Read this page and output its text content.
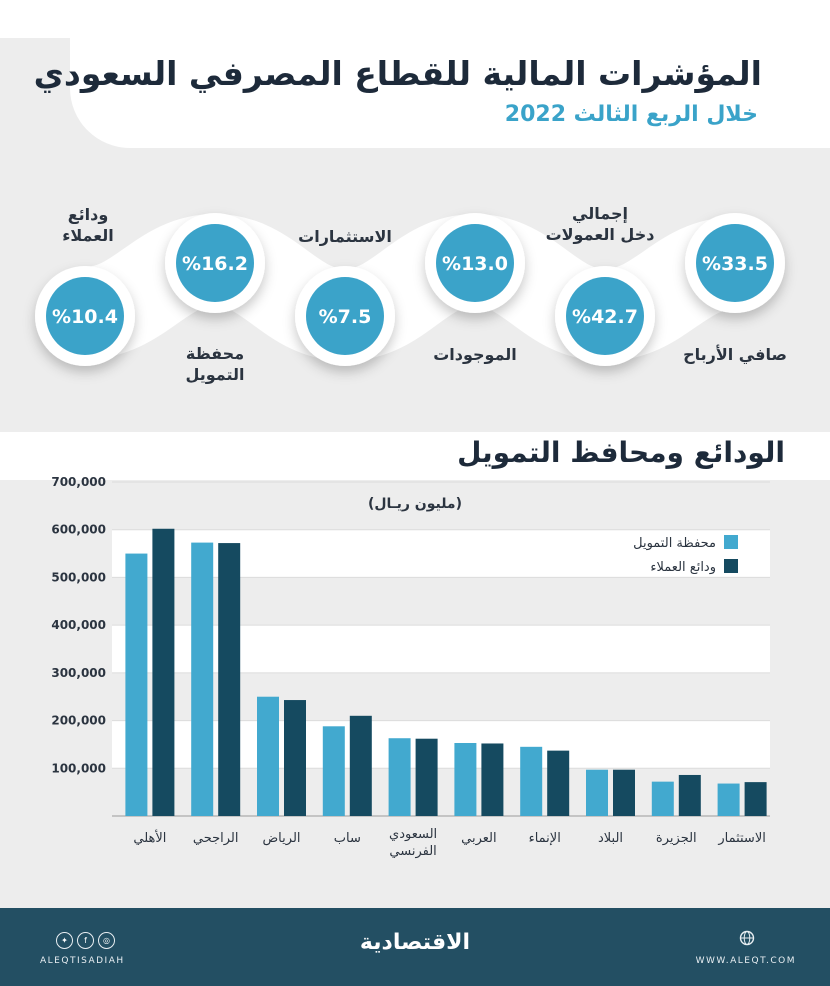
المؤشرات المالية للقطاع المصرفي السعودي
خلال الربع الثالث 2022
%10.4
%16.2
%7.5
%13.0
%42.7
%33.5
ودائع
العملاء
محفظة
التمويل
الاستثمارات
الموجودات
إجمالي
دخل العمولات
صافي الأرباح
الودائع ومحافظ التمويل
(مليون ريـال)
محفظة التمويل
ودائع العملاء
700,000
600,000
500,000
400,000
300,000
200,000
100,000
الأهلي الراجحي الرياض	ساب السعودي الفرنسي
العربي الإنماء	البلاد	الجزيرة الاستثمار
✦	f	◎
ALEQTISADIAH
الاقتصادية
WWW.ALEQT.COM
